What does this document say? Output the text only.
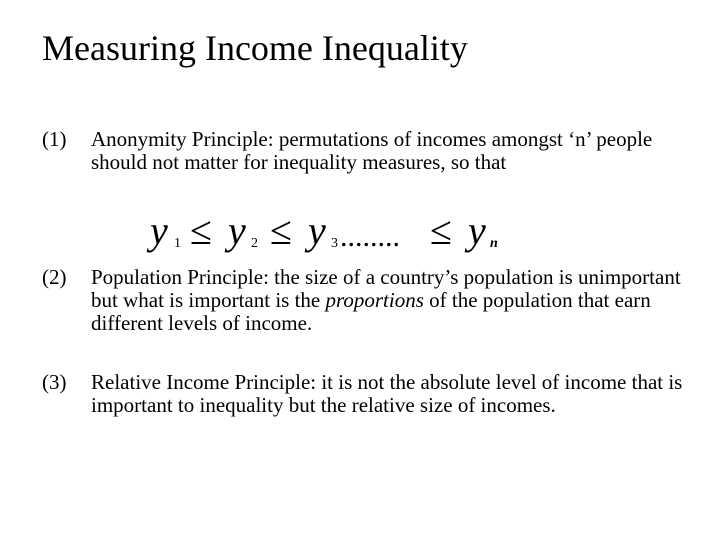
Measuring Income Inequality
(1) Anonymity Principle: permutations of incomes amongst ‘n’ people should not matter for inequality measures, so that
y 1 ≤ y 2 ≤ y 3 ........ ≤ y n
(2) Population Principle: the size of a country’s population is unimportant but what is important is the proportions of the population that earn different levels of income.
(3) Relative Income Principle: it is not the absolute level of income that is important to inequality but the relative size of incomes.
